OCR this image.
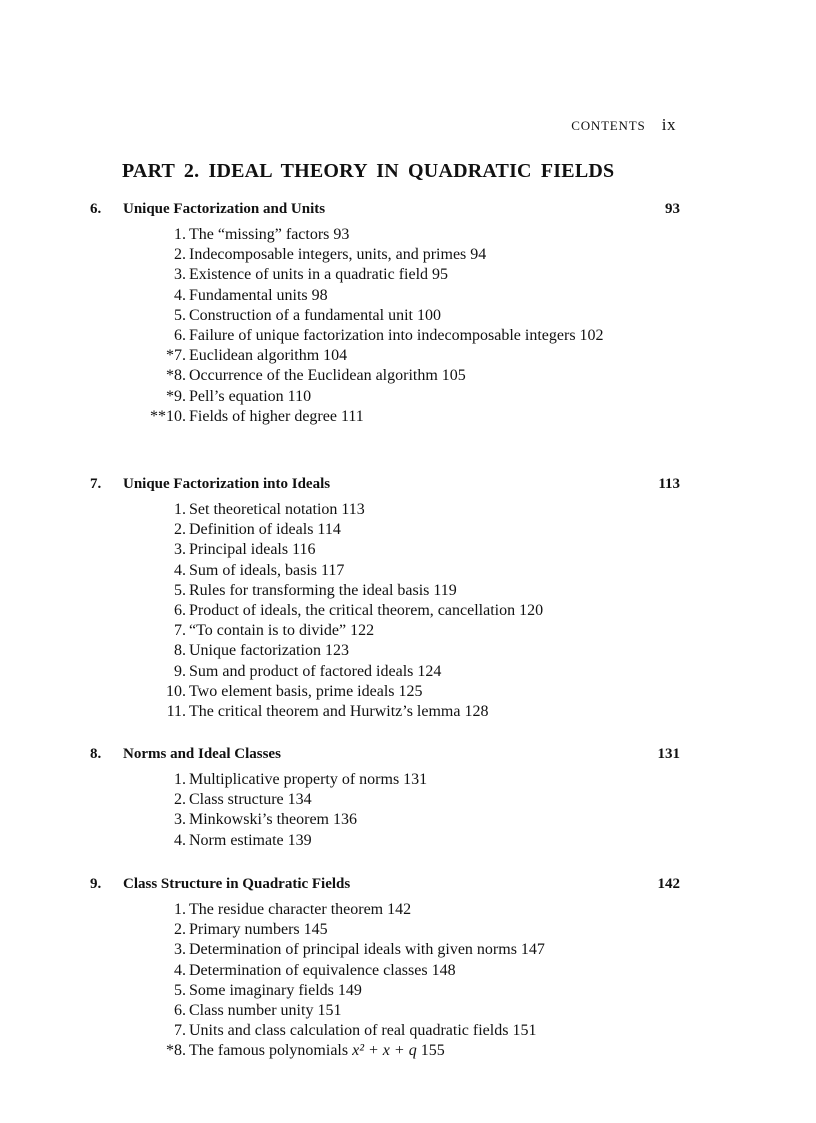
CONTENTS ix
PART 2. IDEAL THEORY IN QUADRATIC FIELDS
6. Unique Factorization and Units	93
1. The “missing” factors 93
2. Indecomposable integers, units, and primes 94
3. Existence of units in a quadratic field 95
4. Fundamental units 98
5. Construction of a fundamental unit 100
6. Failure of unique factorization into indecomposable integers 102
*7. Euclidean algorithm 104
*8. Occurrence of the Euclidean algorithm 105
*9. Pell’s equation 110
**10. Fields of higher degree 111
7. Unique Factorization into Ideals	113
1. Set theoretical notation 113
2. Definition of ideals 114
3. Principal ideals 116
4. Sum of ideals, basis 117
5. Rules for transforming the ideal basis 119
6. Product of ideals, the critical theorem, cancellation 120
7. “To contain is to divide” 122
8. Unique factorization 123
9. Sum and product of factored ideals 124
10. Two element basis, prime ideals 125
11. The critical theorem and Hurwitz’s lemma 128
8. Norms and Ideal Classes	131
1. Multiplicative property of norms 131
2. Class structure 134
3. Minkowski’s theorem 136
4. Norm estimate 139
9. Class Structure in Quadratic Fields	142
1. The residue character theorem 142
2. Primary numbers 145
3. Determination of principal ideals with given norms 147
4. Determination of equivalence classes 148
5. Some imaginary fields 149
6. Class number unity 151
7. Units and class calculation of real quadratic fields 151
*8. The famous polynomials x² + x + q 155
